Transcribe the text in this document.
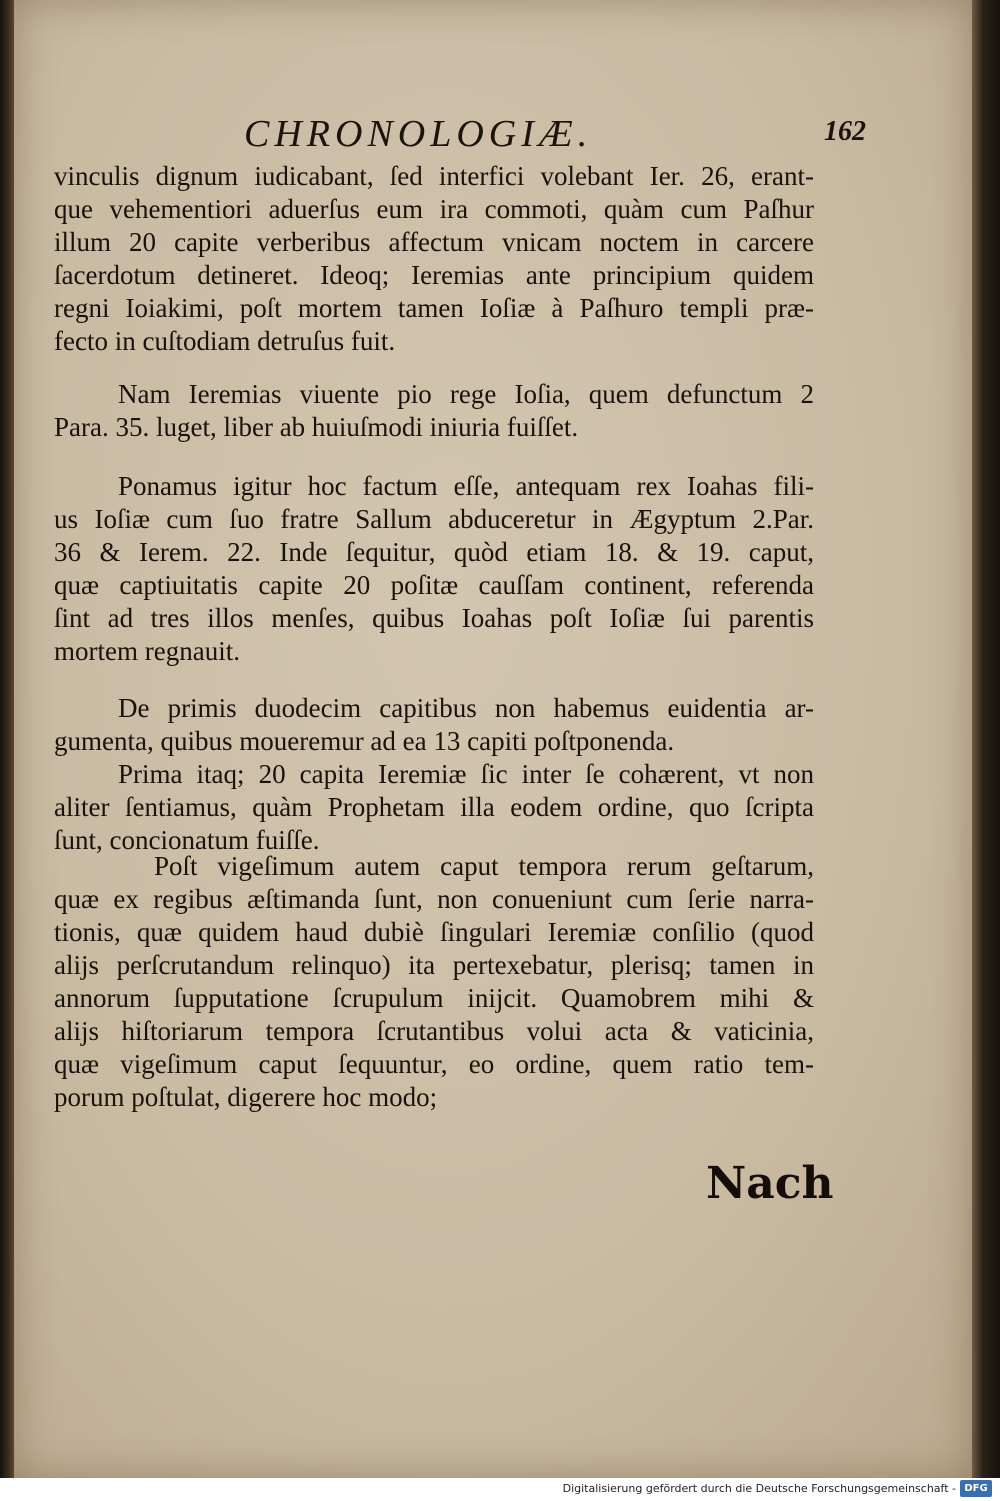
CHRONOLOGIÆ.	162

vinculis dignum iudicabant, ſed interfici volebant Ier. 26, erant-
que vehementiori aduerſus eum ira commoti, quàm cum Paſhur
illum 20 capite verberibus affectum vnicam noctem in carcere
ſacerdotum detineret. Ideoq; Ieremias ante principium quidem
regni Ioiakimi, poſt mortem tamen Ioſiæ à Paſhuro templi præ-
fecto in cuſtodiam detruſus fuit.

Nam Ieremias viuente pio rege Ioſia, quem defunctum 2
Para. 35. luget, liber ab huiuſmodi iniuria fuiſſet.

Ponamus igitur hoc factum eſſe, antequam rex Ioahas fili-
us Ioſiæ cum ſuo fratre Sallum abduceretur in Ægyptum 2.Par.
36 & Ierem. 22. Inde ſequitur, quòd etiam 18. & 19. caput,
quæ captiuitatis capite 20 poſitæ cauſſam continent, referenda
ſint ad tres illos menſes, quibus Ioahas poſt Ioſiæ ſui parentis
mortem regnauit.

De primis duodecim capitibus non habemus euidentia ar-
gumenta, quibus moueremur ad ea 13 capiti poſtponenda.

Prima itaq; 20 capita Ieremiæ ſic inter ſe cohærent, vt non
aliter ſentiamus, quàm Prophetam illa eodem ordine, quo ſcripta
ſunt, concionatum fuiſſe.

Poſt vigeſimum autem caput tempora rerum geſtarum,
quæ ex regibus æſtimanda ſunt, non conueniunt cum ſerie narra-
tionis, quæ quidem haud dubiè ſingulari Ieremiæ conſilio (quod
alijs perſcrutandum relinquo) ita pertexebatur, plerisq; tamen in
annorum ſupputatione ſcrupulum inijcit. Quamobrem mihi &
alijs hiſtoriarum tempora ſcrutantibus volui acta & vaticinia,
quæ vigeſimum caput ſequuntur, eo ordine, quem ratio tem-
porum poſtulat, digerere hoc modo;

Nach
Digitalisierung gefördert durch die Deutsche Forschungsgemeinschaft - DFG
